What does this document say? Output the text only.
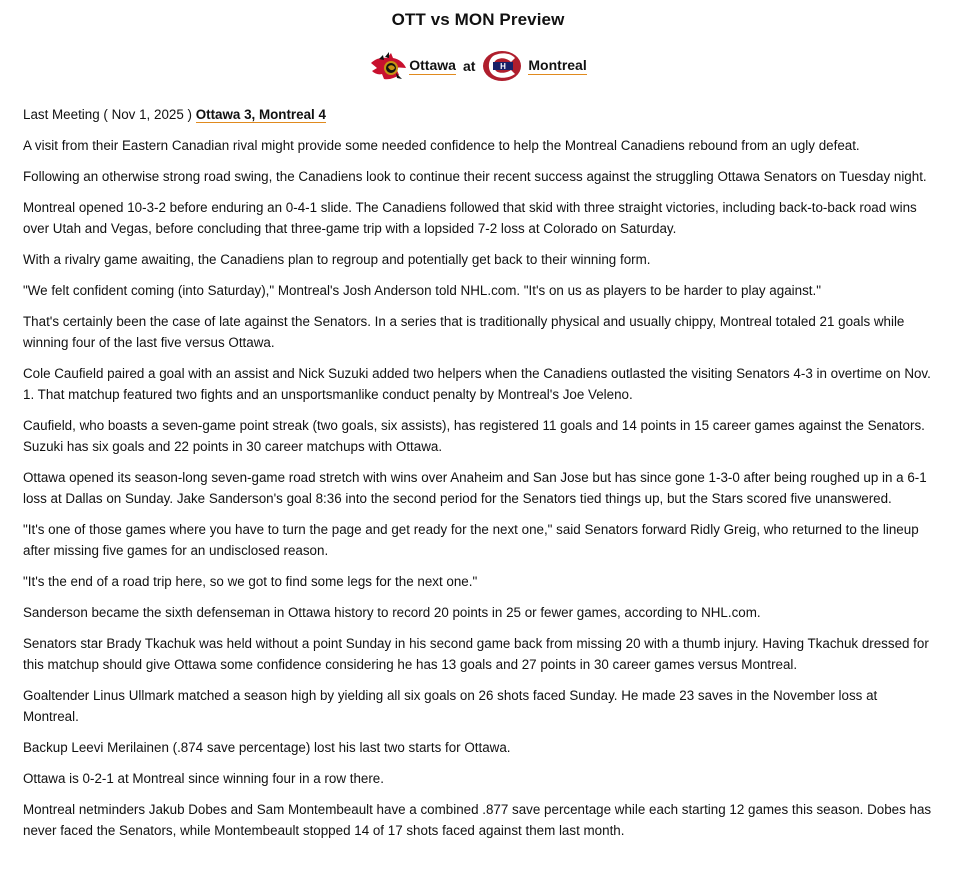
OTT vs MON Preview
Ottawa at	H Montreal

Last Meeting ( Nov 1, 2025 ) Ottawa 3, Montreal 4

A visit from their Eastern Canadian rival might provide some needed confidence to help the Montreal Canadiens rebound from an ugly defeat.

Following an otherwise strong road swing, the Canadiens look to continue their recent success against the struggling Ottawa Senators on Tuesday night.

Montreal opened 10-3-2 before enduring an 0-4-1 slide. The Canadiens followed that skid with three straight victories, including back-to-back road wins over Utah and Vegas, before concluding that three-game trip with a lopsided 7-2 loss at Colorado on Saturday.

With a rivalry game awaiting, the Canadiens plan to regroup and potentially get back to their winning form.

"We felt confident coming (into Saturday)," Montreal's Josh Anderson told NHL.com. "It's on us as players to be harder to play against."

That's certainly been the case of late against the Senators. In a series that is traditionally physical and usually chippy, Montreal totaled 21 goals while winning four of the last five versus Ottawa.

Cole Caufield paired a goal with an assist and Nick Suzuki added two helpers when the Canadiens outlasted the visiting Senators 4-3 in overtime on Nov. 1. That matchup featured two fights and an unsportsmanlike conduct penalty by Montreal's Joe Veleno.

Caufield, who boasts a seven-game point streak (two goals, six assists), has registered 11 goals and 14 points in 15 career games against the Senators. Suzuki has six goals and 22 points in 30 career matchups with Ottawa.

Ottawa opened its season-long seven-game road stretch with wins over Anaheim and San Jose but has since gone 1-3-0 after being roughed up in a 6-1 loss at Dallas on Sunday. Jake Sanderson's goal 8:36 into the second period for the Senators tied things up, but the Stars scored five unanswered.

"It's one of those games where you have to turn the page and get ready for the next one," said Senators forward Ridly Greig, who returned to the lineup after missing five games for an undisclosed reason.

"It's the end of a road trip here, so we got to find some legs for the next one."

Sanderson became the sixth defenseman in Ottawa history to record 20 points in 25 or fewer games, according to NHL.com.

Senators star Brady Tkachuk was held without a point Sunday in his second game back from missing 20 with a thumb injury. Having Tkachuk dressed for this matchup should give Ottawa some confidence considering he has 13 goals and 27 points in 30 career games versus Montreal.

Goaltender Linus Ullmark matched a season high by yielding all six goals on 26 shots faced Sunday. He made 23 saves in the November loss at Montreal.

Backup Leevi Merilainen (.874 save percentage) lost his last two starts for Ottawa.

Ottawa is 0-2-1 at Montreal since winning four in a row there.

Montreal netminders Jakub Dobes and Sam Montembeault have a combined .877 save percentage while each starting 12 games this season. Dobes has never faced the Senators, while Montembeault stopped 14 of 17 shots faced against them last month.
